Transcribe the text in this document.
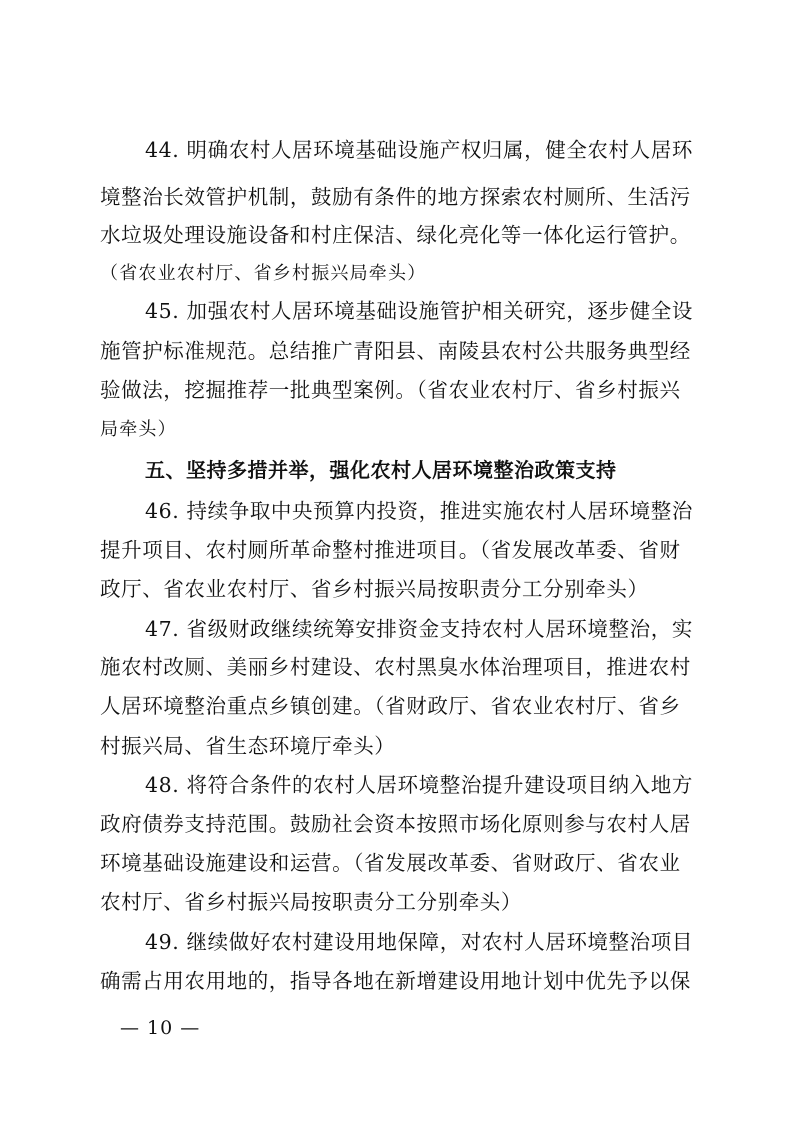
44. 明确农村人居环境基础设施产权归属，健全农村人居环
境整治长效管护机制，鼓励有条件的地方探索农村厕所、生活污
水垃圾处理设施设备和村庄保洁、绿化亮化等一体化运行管护。
（省农业农村厅、省乡村振兴局牵头）
45. 加强农村人居环境基础设施管护相关研究，逐步健全设
施管护标准规范。总结推广青阳县、南陵县农村公共服务典型经
验做法，挖掘推荐一批典型案例。（省农业农村厅、省乡村振兴
局牵头）
五、坚持多措并举，强化农村人居环境整治政策支持
46. 持续争取中央预算内投资，推进实施农村人居环境整治
提升项目、农村厕所革命整村推进项目。（省发展改革委、省财
政厅、省农业农村厅、省乡村振兴局按职责分工分别牵头）
47. 省级财政继续统筹安排资金支持农村人居环境整治，实
施农村改厕、美丽乡村建设、农村黑臭水体治理项目，推进农村
人居环境整治重点乡镇创建。（省财政厅、省农业农村厅、省乡
村振兴局、省生态环境厅牵头）
48. 将符合条件的农村人居环境整治提升建设项目纳入地方
政府债券支持范围。鼓励社会资本按照市场化原则参与农村人居
环境基础设施建设和运营。（省发展改革委、省财政厅、省农业
农村厅、省乡村振兴局按职责分工分别牵头）
49. 继续做好农村建设用地保障，对农村人居环境整治项目
确需占用农用地的，指导各地在新增建设用地计划中优先予以保
— 10 —
